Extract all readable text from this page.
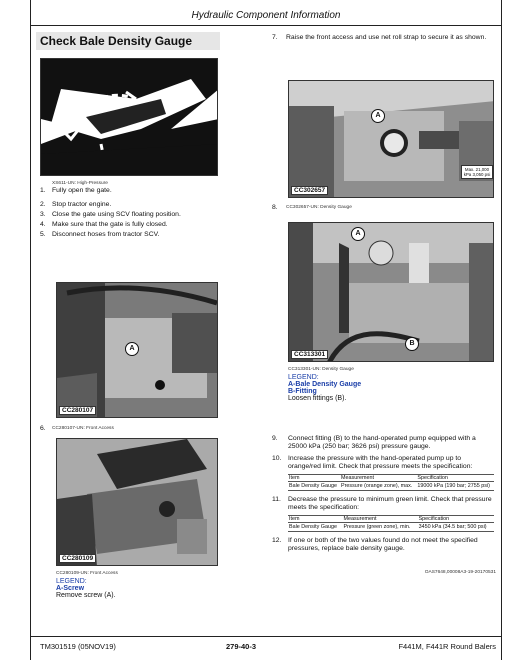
Hydraulic Component Information
Check Bale Density Gauge
XS611-UN: High-Pressure
1. Fully open the gate.
2. Stop tractor engine.
3. Close the gate using SCV floating position.
4. Make sure that the gate is fully closed.
5. Disconnect hoses from tractor SCV.
A
CC280107
6.	CC280107-UN: Front Access
CC280109
CC280109-UN: Front Access
LEGEND:
A-Screw
Remove screw (A).
7.	Raise the front access and use net roll strap to secure it as shown.
A
Max. 21,000 kPa 3,050 psi
CC302657
8.	CC302657-UN: Density Gauge
A
B
CC313301
CC313301-UN: Density Gauge
LEGEND:
A-Bale Density Gauge
B-Fitting
Loosen fittings (B).
9.	Connect fitting (B) to the hand-operated pump equipped with a 25000 kPa (250 bar; 3626 psi) pressure gauge.
10. Increase the pressure with the hand-operated pump up to orange/red limit. Check that pressure meets the specification:
Item	Measurement	Specification
Bale Density Gauge	Pressure (orange zone), max.	19000 kPa (190 bar; 2755 psi)
11.	Decrease the pressure to minimum green limit. Check that pressure meets the specification:
Item	Measurement	Specification
Bale Density Gauge	Pressure (green zone), min.	3450 kPa (34.5 bar; 500 psi)
12. If one or both of the two values found do not meet the specified pressures, replace bale density gauge.
OAS7648,00008A3-19-20170531
TM301519 (05NOV19)	279-40-3	F441M, F441R Round Balers
